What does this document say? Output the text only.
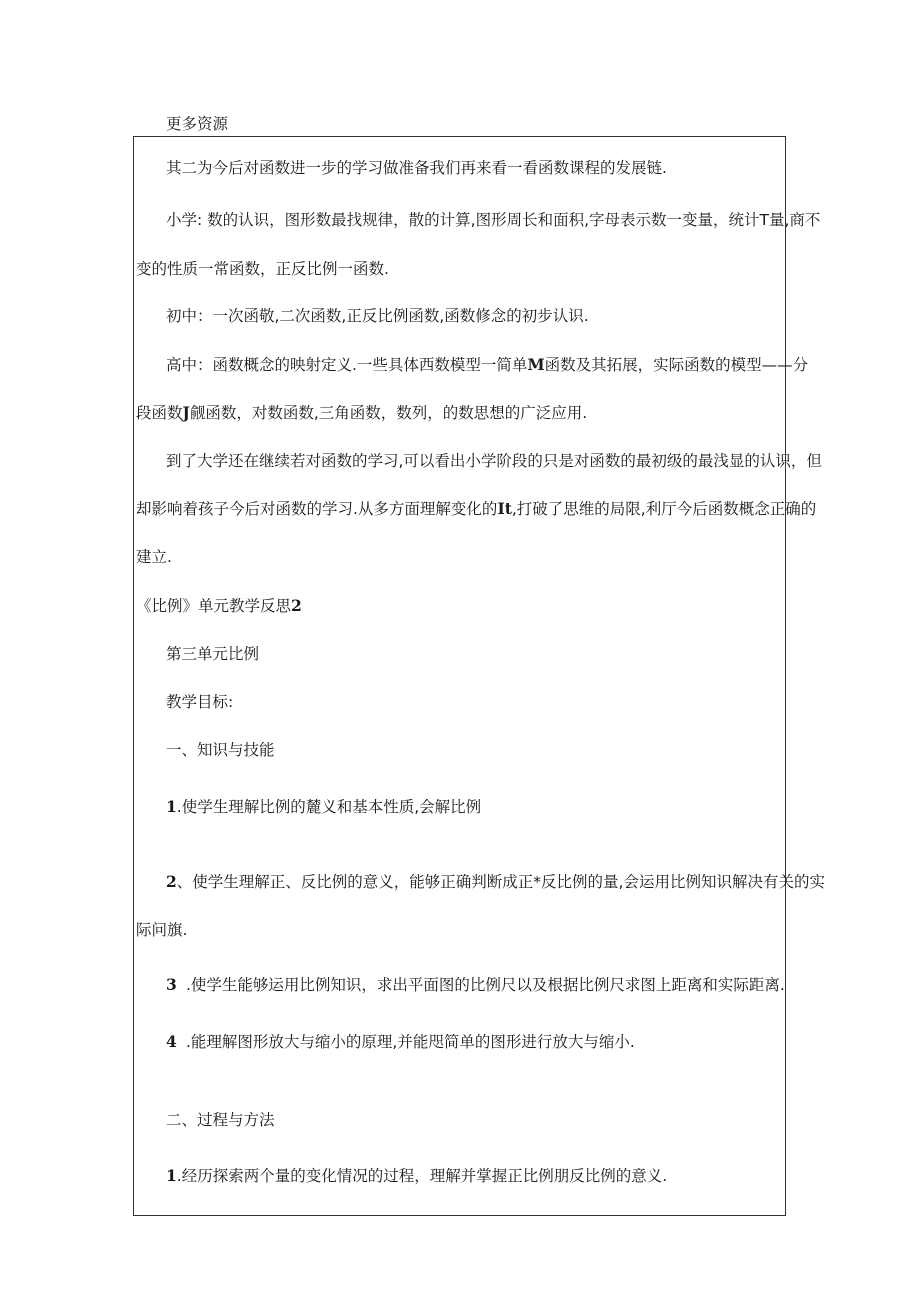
更多资源
其二为今后对函数进一步的学习做准备我们再来看一看函数课程的发展链.
小学: 数的认识，图形数最找规律，散的计算,图形周长和面积,字母表示数一变量，统计T量,商不
变的性质一常函数，正反比例一函数.
初中：一次函敬,二次函数,正反比例函数,函数修念的初步认识.
高中：函数概念的映射定义.一些具体西数模型一简单M函数及其拓展，实际函数的模型——分
段函数J觎函数，对数函数,三角函数，数列，的数思想的广泛应用.
到了大学还在继续若对函数的学习,可以看出小学阶段的只是对函数的最初级的最浅显的认识，但
却影响着孩子今后对函数的学习.从多方面理解变化的It,打破了思维的局限,利厅今后函数概念正确的
建立.
《比例》单元教学反思2
第三单元比例
教学目标:
一、知识与技能
1.使学生理解比例的麓义和基本性质,会解比例
2、使学生理解正、反比例的意义，能够正确判断成正*反比例的量,会运用比例知识解决有关的实
际问旗.
3 .使学生能够运用比例知识，求出平面图的比例尺以及根据比例尺求图上距离和实际距离.
4 .能理解图形放大与缩小的原理,并能咫简单的图形进行放大与缩小.
二、过程与方法
1.经历探索两个量的变化情况的过程，理解并掌握正比例朋反比例的意义.
